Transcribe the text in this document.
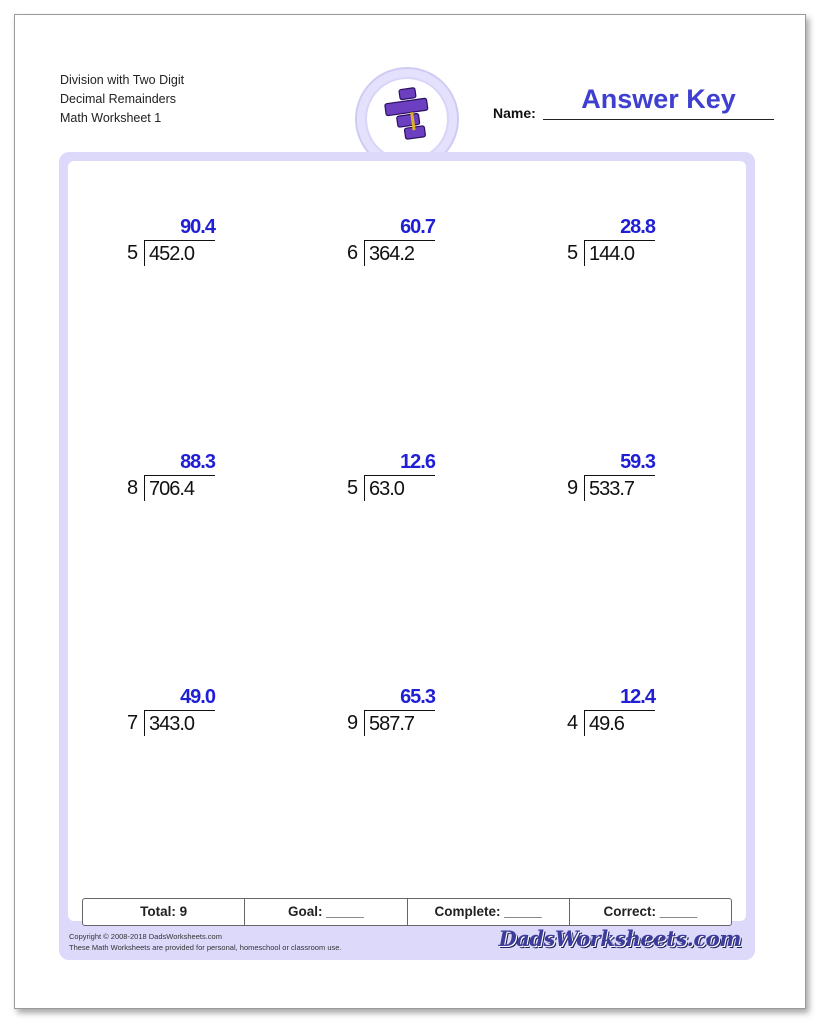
Division with Two Digit
Decimal Remainders
Math Worksheet 1	Name:	Answer Key
90.4
5 452.0
60.7
6 364.2
28.8
5 144.0
88.3
8 706.4
12.6
5 63.0
59.3
9 533.7
49.0
7 343.0
65.3
9 587.7
12.4
4 49.6
Total: 9	Goal: _____	Complete: _____	Correct: _____
Copyright © 2008-2018 DadsWorksheets.com
These Math Worksheets are provided for personal, homeschool or classroom use.	DadsWorksheets.com
